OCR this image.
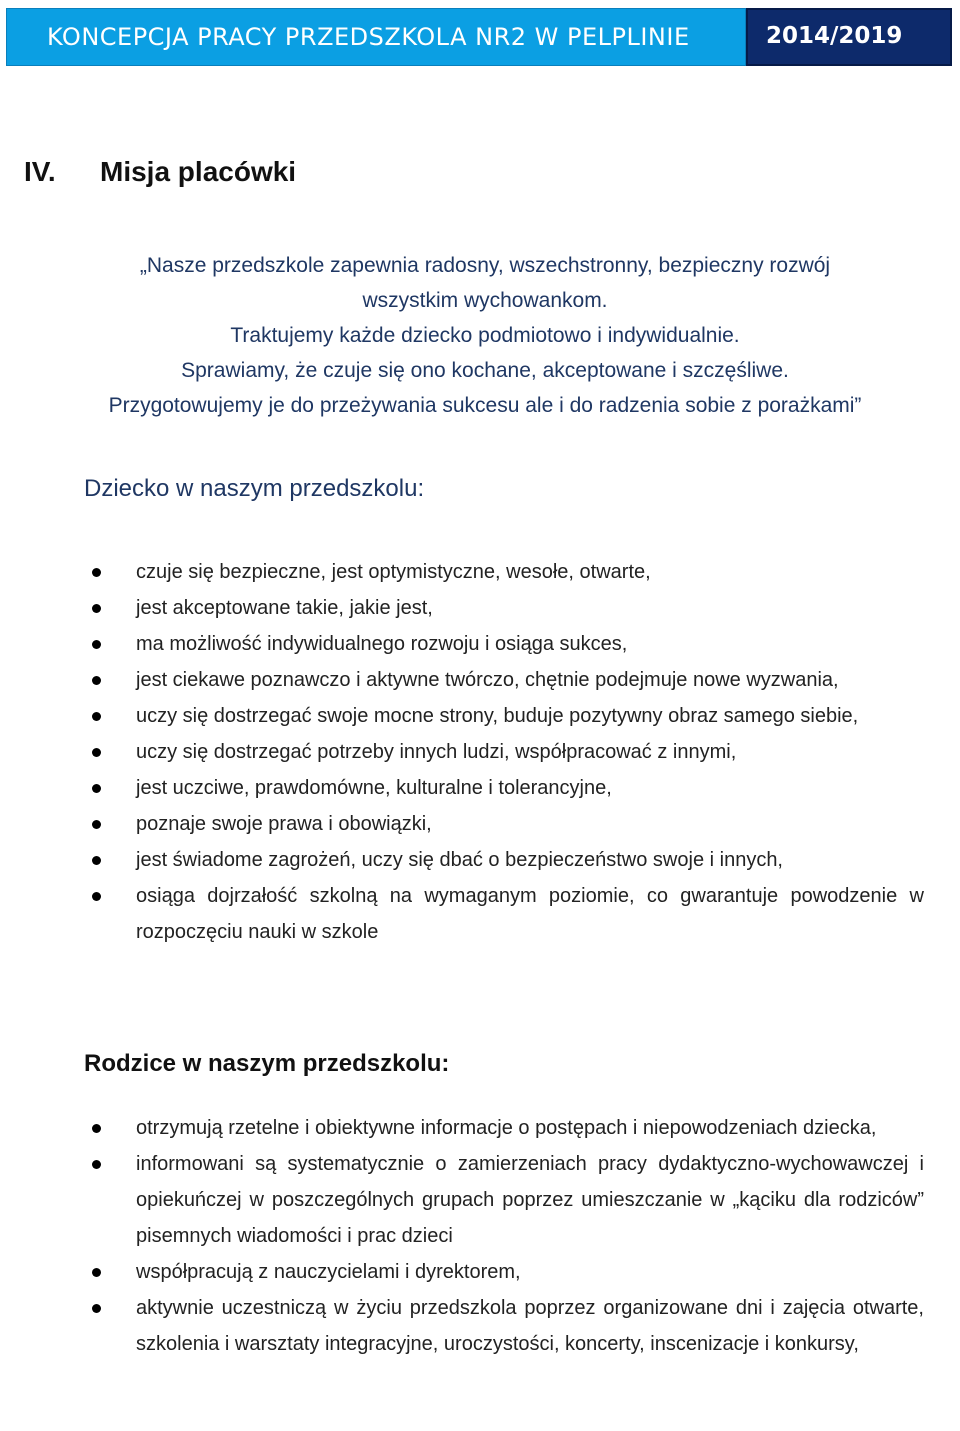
KONCEPCJA PRACY PRZEDSZKOLA NR2 W PELPLINIE	2014/2019
IV. Misja placówki
„Nasze przedszkole zapewnia radosny, wszechstronny, bezpieczny rozwój
wszystkim wychowankom.
Traktujemy każde dziecko podmiotowo i indywidualnie.
Sprawiamy, że czuje się ono kochane, akceptowane i szczęśliwe.
Przygotowujemy je do przeżywania sukcesu ale i do radzenia sobie z porażkami”
Dziecko w naszym przedszkolu:
czuje się bezpieczne, jest optymistyczne, wesołe, otwarte,
jest akceptowane takie, jakie jest,
ma możliwość indywidualnego rozwoju i osiąga sukces,
jest ciekawe poznawczo i aktywne twórczo, chętnie podejmuje nowe wyzwania,
uczy się dostrzegać swoje mocne strony, buduje pozytywny obraz samego siebie,
uczy się dostrzegać potrzeby innych ludzi, współpracować z innymi,
jest uczciwe, prawdomówne, kulturalne i tolerancyjne,
poznaje swoje prawa i obowiązki,
jest świadome zagrożeń, uczy się dbać o bezpieczeństwo swoje i innych,
osiąga dojrzałość szkolną na wymaganym poziomie, co gwarantuje powodzenie w rozpoczęciu nauki w szkole
Rodzice w naszym przedszkolu:
otrzymują rzetelne i obiektywne informacje o postępach i niepowodzeniach dziecka,
informowani są systematycznie o zamierzeniach pracy dydaktyczno-wychowawczej i opiekuńczej w poszczególnych grupach poprzez umieszczanie w „kąciku dla rodziców” pisemnych wiadomości i prac dzieci
współpracują z nauczycielami i dyrektorem,
aktywnie uczestniczą w życiu przedszkola poprzez organizowane dni i zajęcia otwarte, szkolenia i warsztaty integracyjne, uroczystości, koncerty, inscenizacje i konkursy,
